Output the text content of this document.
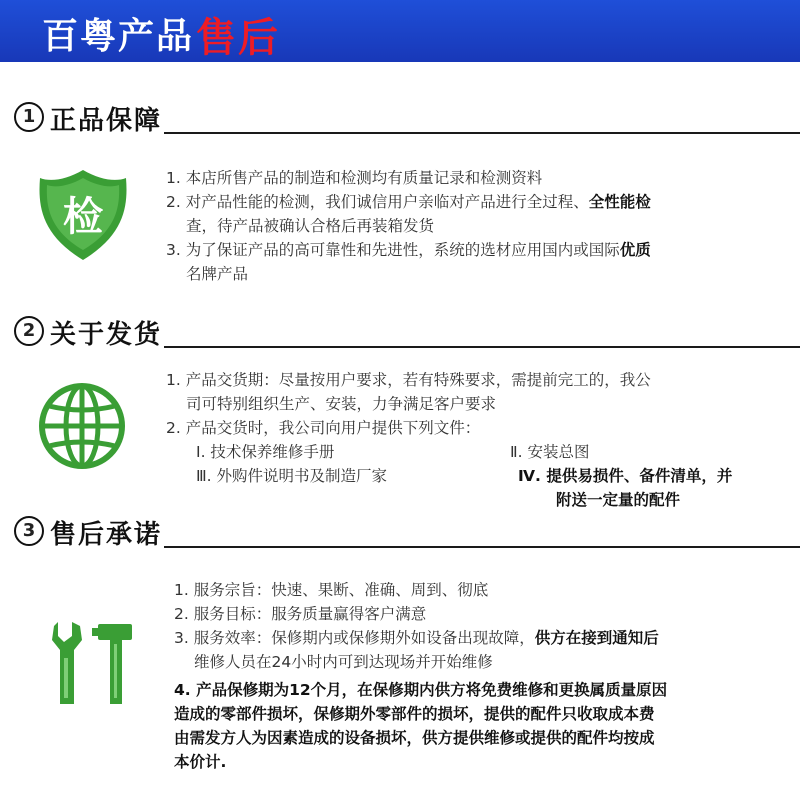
百粤产品 售后
1 正品保障
检
1. 本店所售产品的制造和检测均有质量记录和检测资料
2. 对产品性能的检测，我们诚信用户亲临对产品进行全过程、全性能检
查，待产品被确认合格后再装箱发货
3. 为了保证产品的高可靠性和先进性，系统的选材应用国内或国际优质
名牌产品
2 关于发货
1. 产品交货期：尽量按用户要求，若有特殊要求，需提前完工的，我公
司可特别组织生产、安装，力争满足客户要求
2. 产品交货时，我公司向用户提供下列文件：
Ⅰ. 技术保养维修手册	Ⅱ. 安装总图
Ⅲ. 外购件说明书及制造厂家	Ⅳ. 提供易损件、备件清单，并
附送一定量的配件
3 售后承诺
1. 服务宗旨：快速、果断、准确、周到、彻底
2. 服务目标：服务质量赢得客户满意
3. 服务效率：保修期内或保修期外如设备出现故障，供方在接到通知后
维修人员在24小时内可到达现场并开始维修
4. 产品保修期为12个月，在保修期内供方将免费维修和更换属质量原因
造成的零部件损坏，保修期外零部件的损坏，提供的配件只收取成本费
由需发方人为因素造成的设备损坏，供方提供维修或提供的配件均按成
本价计.
